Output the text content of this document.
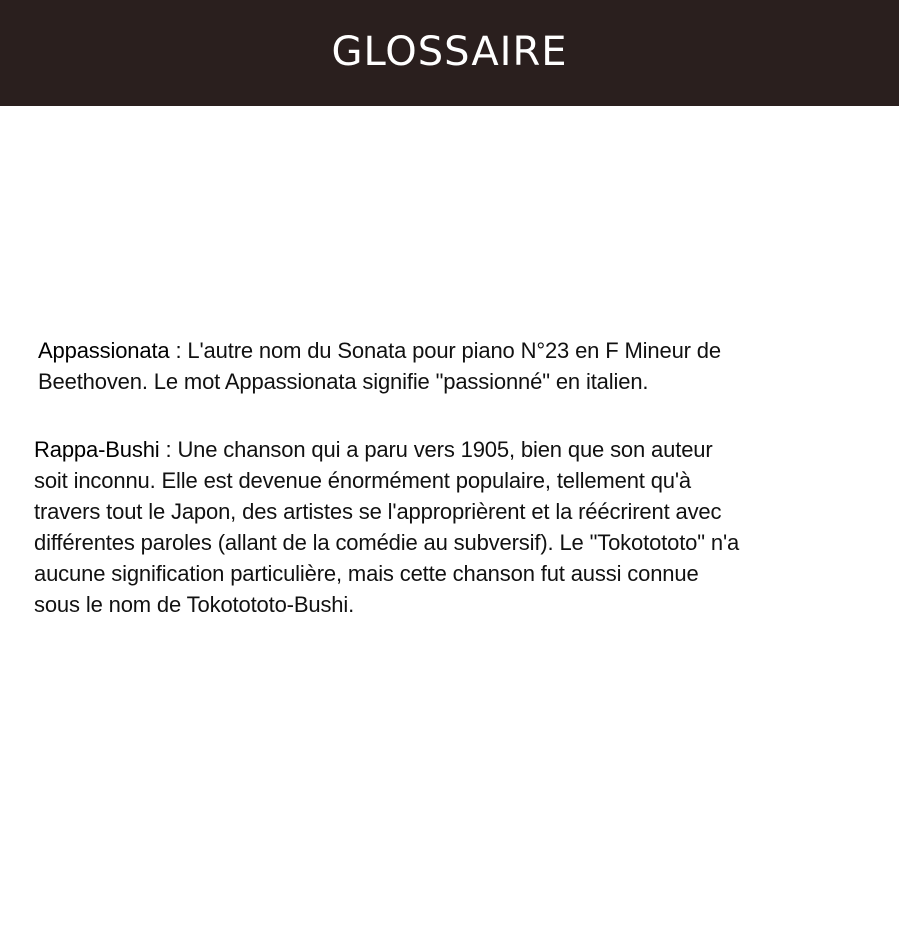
GLOSSAIRE
Appassionata : L'autre nom du Sonata pour piano N°23 en F Mineur de
Beethoven. Le mot Appassionata signifie "passionné" en italien.
Rappa-Bushi : Une chanson qui a paru vers 1905, bien que son auteur
soit inconnu. Elle est devenue énormément populaire, tellement qu'à
travers tout le Japon, des artistes se l'approprièrent et la réécrirent avec
différentes paroles (allant de la comédie au subversif). Le "Tokotototo" n'a
aucune signification particulière, mais cette chanson fut aussi connue
sous le nom de Tokotototo-Bushi.
